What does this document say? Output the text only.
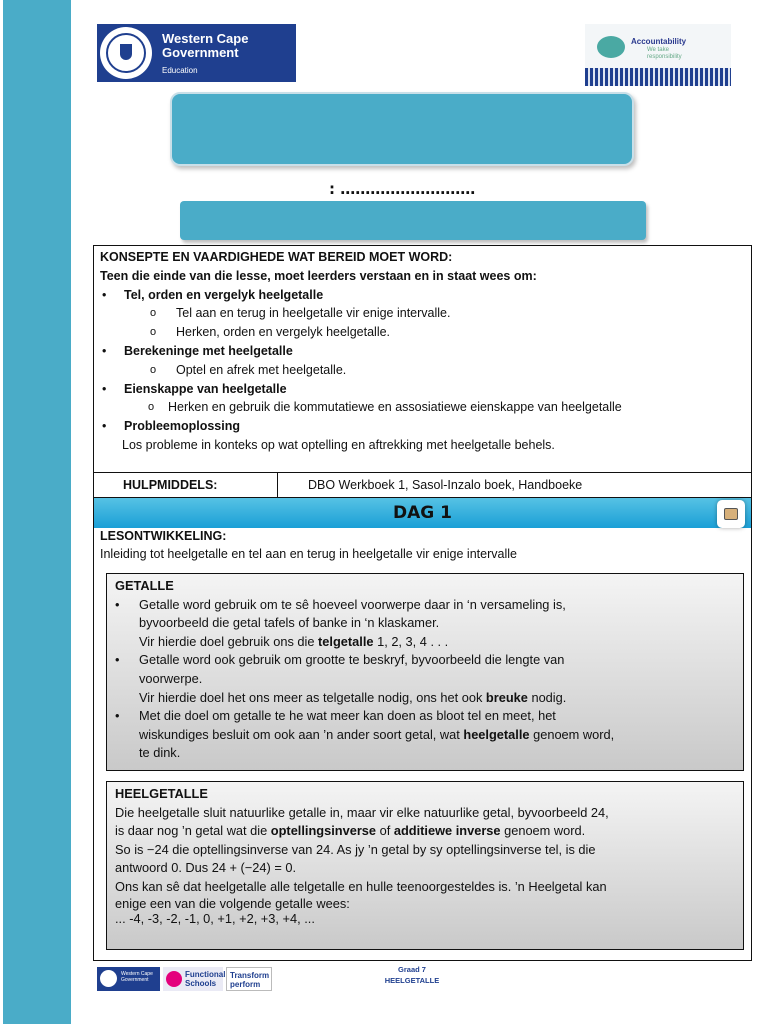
Western Cape
Government
Education
Accountability
We take
responsibility
: ………………………
KONSEPTE EN VAARDIGHEDE WAT BEREID MOET WORD:
Teen die einde van die lesse, moet leerders verstaan en in staat wees om:
•	Tel, orden en vergelyk heelgetalle
o	Tel aan en terug in heelgetalle vir enige intervalle.
o	Herken, orden en vergelyk heelgetalle.
•	Berekeninge met heelgetalle
o	Optel en afrek met heelgetalle.
•	Eienskappe van heelgetalle
o	Herken en gebruik die kommutatiewe en assosiatiewe eienskappe van heelgetalle
•	Probleemoplossing
Los probleme in konteks op wat optelling en aftrekking met heelgetalle behels.
HULPMIDDELS:	DBO Werkboek 1, Sasol-Inzalo boek, Handboeke
DAG 1
LESONTWIKKELING:
Inleiding tot heelgetalle en tel aan en terug in heelgetalle vir enige intervalle
GETALLE
•	Getalle word gebruik om te sê hoeveel voorwerpe daar in ‘n versameling is,
byvoorbeeld die getal tafels of banke in ‘n klaskamer.
Vir hierdie doel gebruik ons die telgetalle 1, 2, 3, 4 . . .
•	Getalle word ook gebruik om grootte te beskryf, byvoorbeeld die lengte van
voorwerpe.
Vir hierdie doel het ons meer as telgetalle nodig, ons het ook breuke nodig.
•	Met die doel om getalle te he wat meer kan doen as bloot tel en meet, het
wiskundiges besluit om ook aan ’n ander soort getal, wat heelgetalle genoem word,
te dink.
HEELGETALLE
Die heelgetalle sluit natuurlike getalle in, maar vir elke natuurlike getal, byvoorbeeld 24,
is daar nog ’n getal wat die optellingsinverse of additiewe inverse genoem word.
So is −24 die optellingsinverse van 24. As jy ’n getal by sy optellingsinverse tel, is die
antwoord 0. Dus 24 + (−24) = 0.
Ons kan sê dat heelgetalle alle telgetalle en hulle teenoorgesteldes is. ’n Heelgetal kan
enige een van die volgende getalle wees:
... -4, -3, -2, -1, 0, +1, +2, +3, +4, ...
Western Cape Government
Functional
Schools
Transform
perform
Graad 7
HEELGETALLE
